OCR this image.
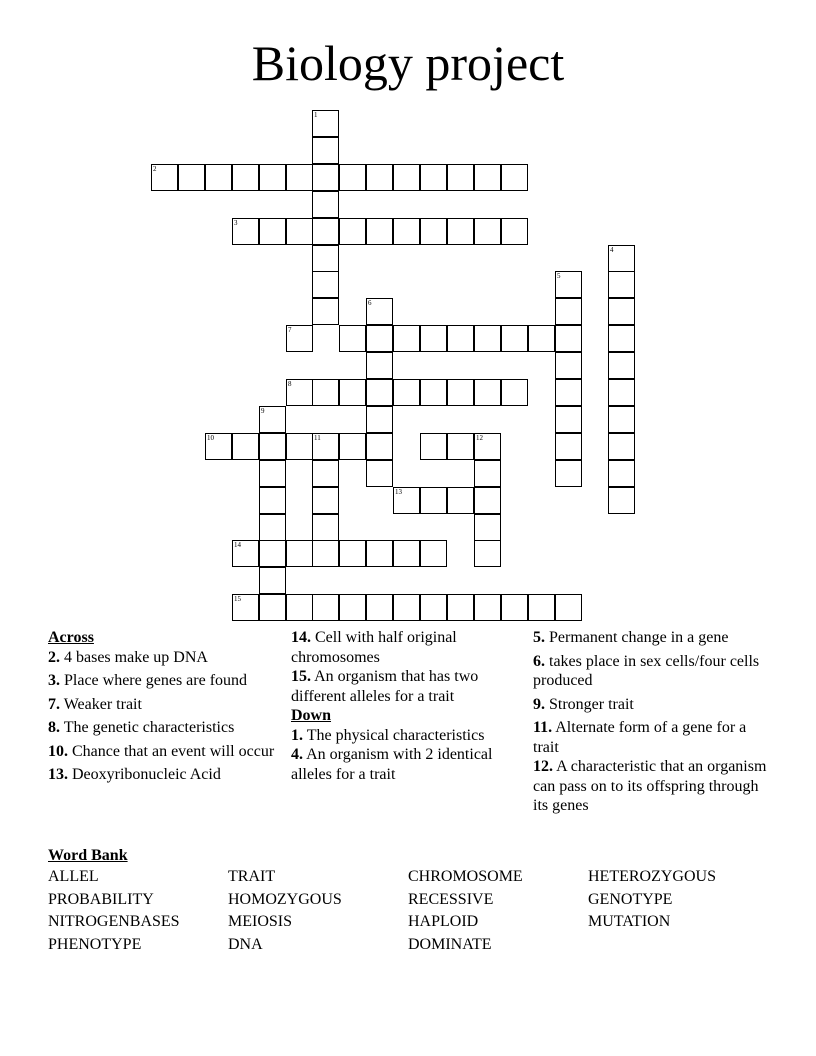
Biology project
1
2
3
4
5
6
7
8
9
10	11	12
13
14
15
Across
2. 4 bases make up DNA
3. Place where genes are found
7. Weaker trait
8. The genetic characteristics
10. Chance that an event will occur
13. Deoxyribonucleic Acid
14. Cell with half original chromosomes
15. An organism that has two different alleles for a trait
Down
1. The physical characteristics
4. An organism with 2 identical alleles for a trait
5. Permanent change in a gene
6. takes place in sex cells/four cells produced
9. Stronger trait
11. Alternate form of a gene for a trait
12. A characteristic that an organism can pass on to its offspring through its genes
Word Bank
ALLEL	TRAIT	CHROMOSOME	HETEROZYGOUS
PROBABILITY	HOMOZYGOUS	RECESSIVE	GENOTYPE
NITROGENBASES	MEIOSIS	HAPLOID	MUTATION
PHENOTYPE	DNA	DOMINATE
